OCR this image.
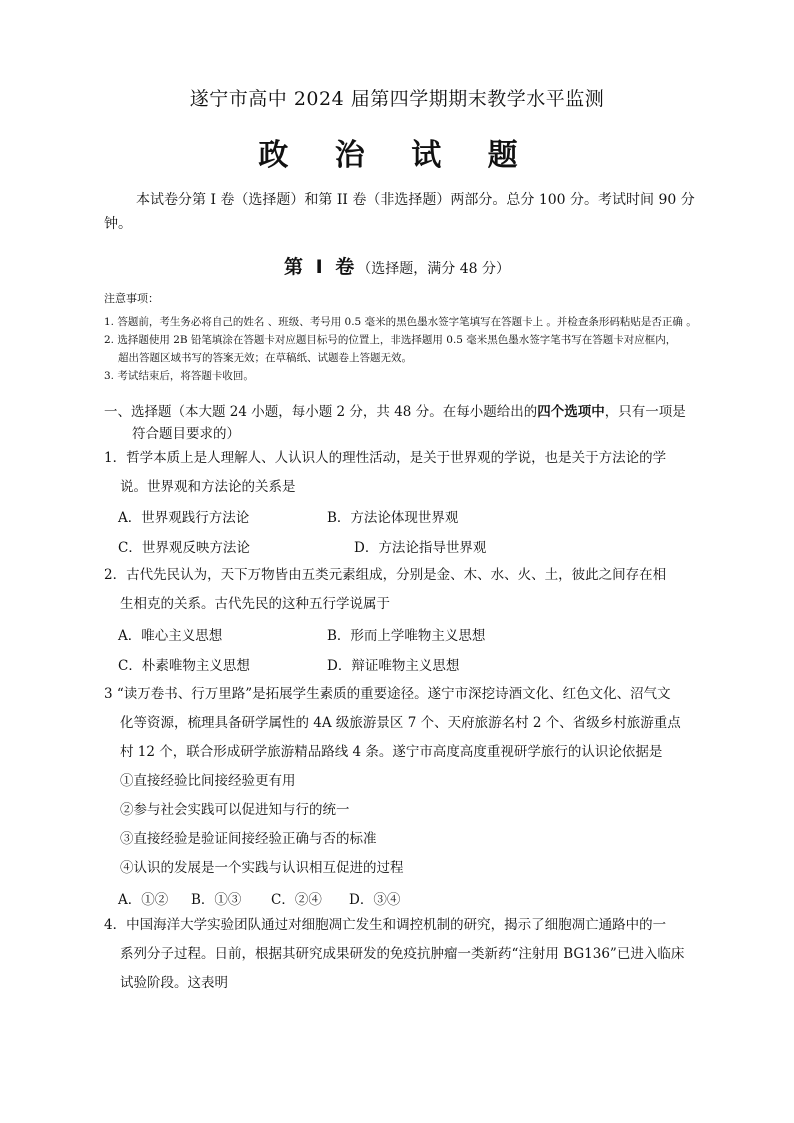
遂宁市高中 2024 届第四学期期末教学水平监测
政 治 试 题

本试卷分第 I 卷（选择题）和第 II 卷（非选择题）两部分。总分 100 分。考试时间 90 分

钟。

第 Ⅰ 卷（选择题，满分 48 分）
注意事项：
1. 答题前，考生务必将自己的姓名 、班级、考号用 0.5 毫米的黑色墨水签字笔填写在答题卡上 。并检查条形码粘贴是否正确 。
2. 选择题使用 2B 铅笔填涂在答题卡对应题目标号的位置上，非选择题用 0.5 毫米黑色墨水签字笔书写在答题卡对应框内，
超出答题区域书写的答案无效；在草稿纸、试题卷上答题无效。
3. 考试结束后，将答题卡收回。
一、选择题（本大题 24 小题，每小题 2 分，共 48 分。在每小题给出的四个选项中，只有一项是
符合题目要求的）
1．哲学本质上是人理解人、人认识人的理性活动，是关于世界观的学说，也是关于方法论的学
说。世界观和方法论的关系是
A．世界观践行方法论	B．方法论体现世界观
C．世界观反映方法论	D．方法论指导世界观
2．古代先民认为，天下万物皆由五类元素组成，分别是金、木、水、火、土，彼此之间存在相
生相克的关系。古代先民的这种五行学说属于
A．唯心主义思想	B．形而上学唯物主义思想
C．朴素唯物主义思想	D．辩证唯物主义思想
3 “读万卷书、行万里路”是拓展学生素质的重要途径。遂宁市深挖诗酒文化、红色文化、沼气文
化等资源，梳理具备研学属性的 4A 级旅游景区 7 个、天府旅游名村 2 个、省级乡村旅游重点
村 12 个，联合形成研学旅游精品路线 4 条。遂宁市高度高度重视研学旅行的认识论依据是
①直接经验比间接经验更有用
②参与社会实践可以促进知与行的统一
③直接经验是验证间接经验正确与否的标准
④认识的发展是一个实践与认识相互促进的过程
A．①② B．①③ C．②④ D．③④
4．中国海洋大学实验团队通过对细胞凋亡发生和调控机制的研究，揭示了细胞凋亡通路中的一
系列分子过程。日前，根据其研究成果研发的免疫抗肿瘤一类新药“注射用 BG136”已进入临床
试验阶段。这表明
